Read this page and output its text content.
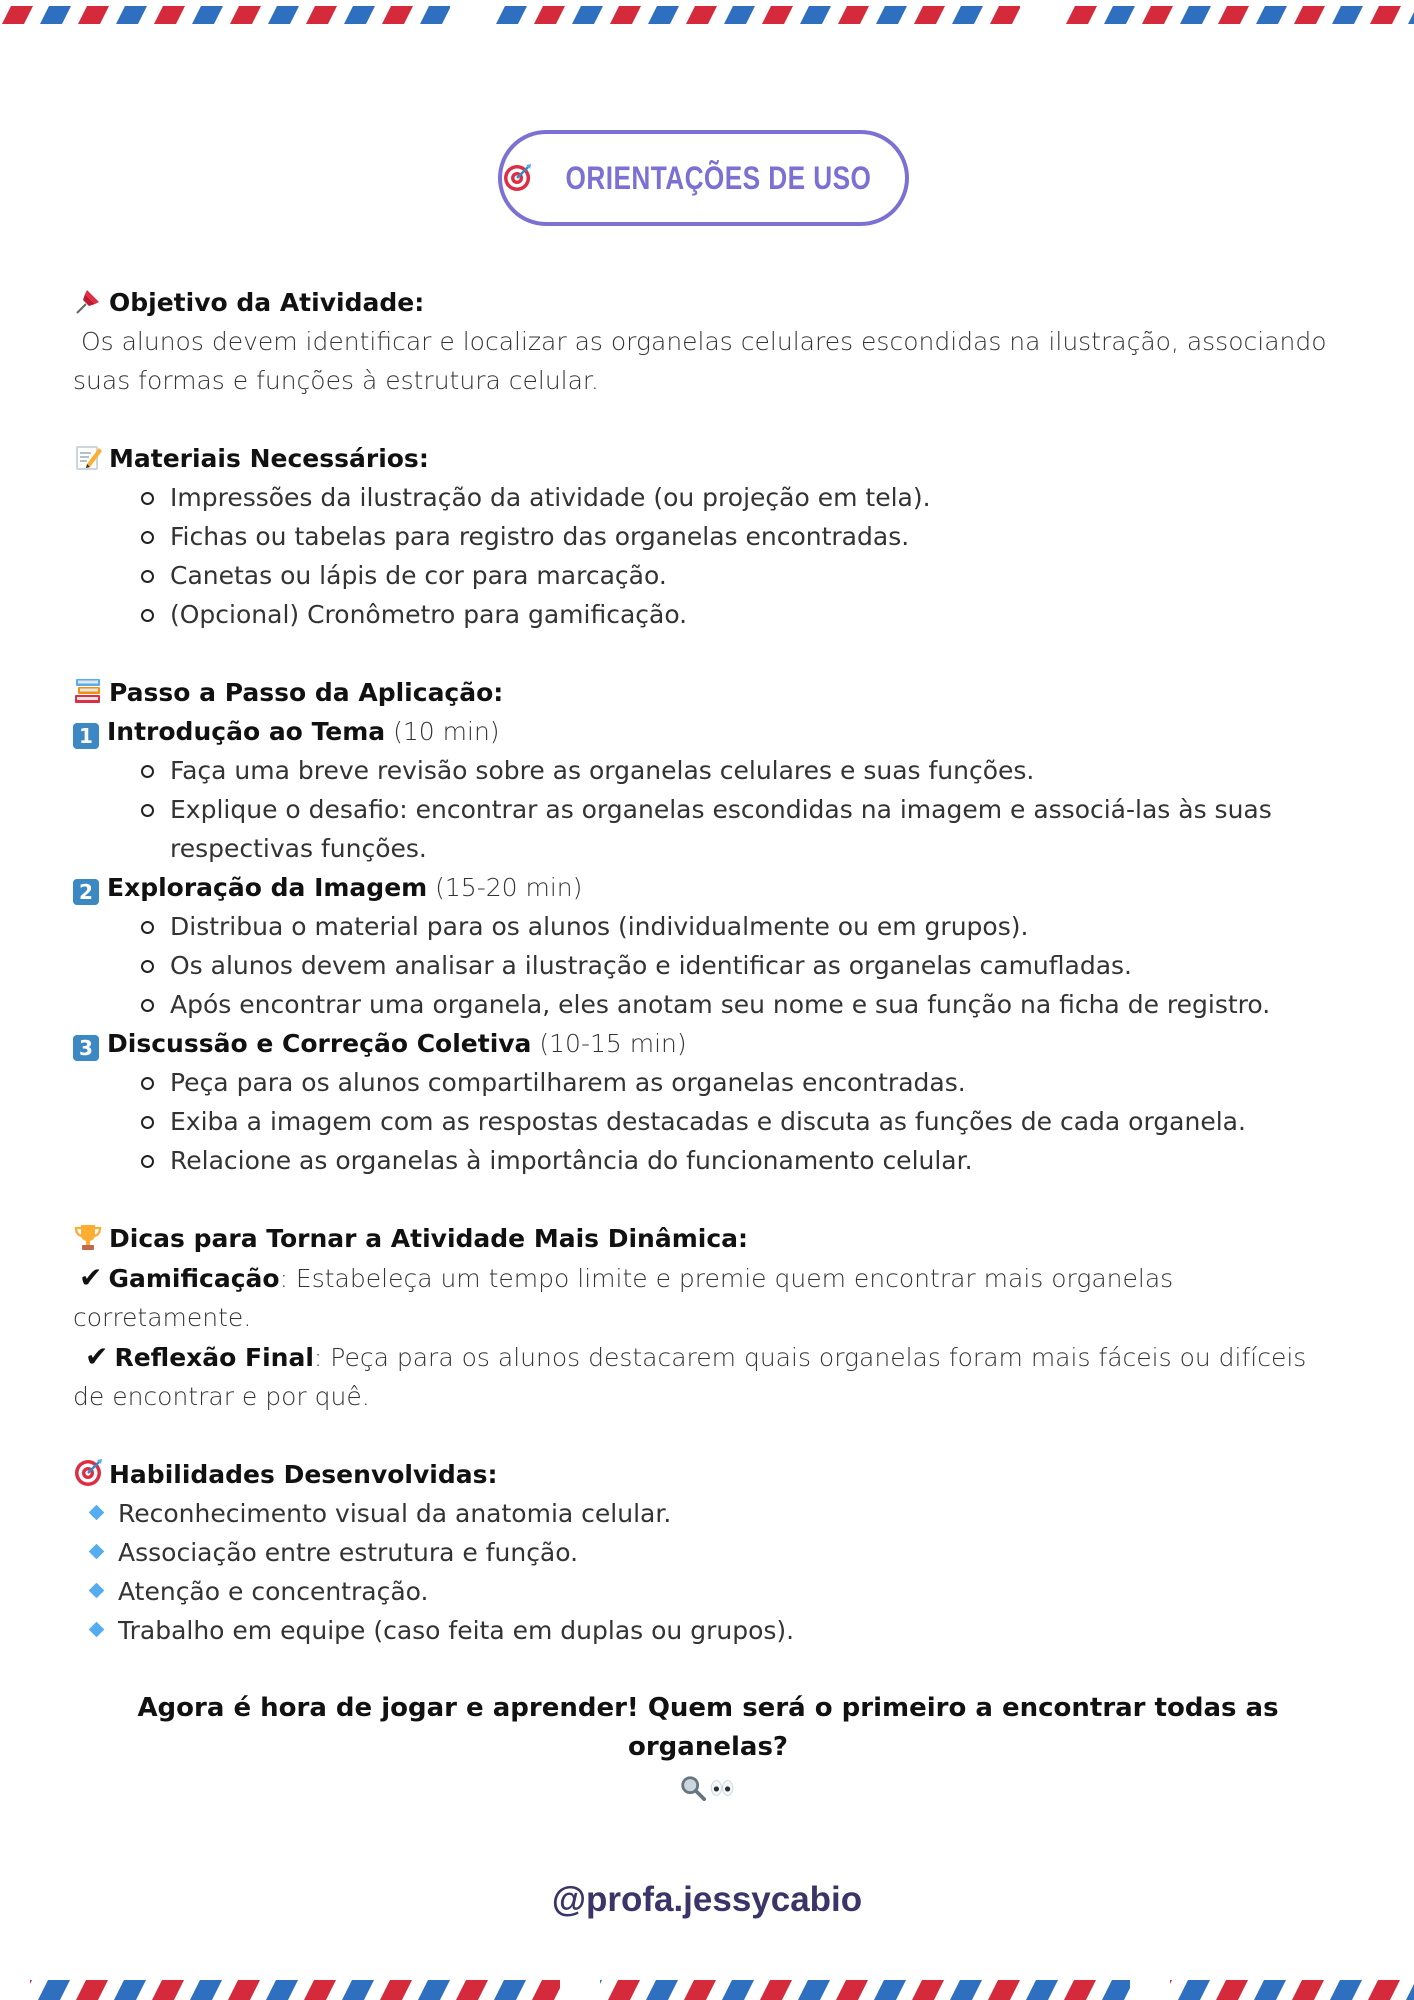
ORIENTAÇÕES DE USO
Objetivo da Atividade:
Os alunos devem identificar e localizar as organelas celulares escondidas na ilustração, associando suas formas e funções à estrutura celular.
Materiais Necessários:
Impressões da ilustração da atividade (ou projeção em tela).
Fichas ou tabelas para registro das organelas encontradas.
Canetas ou lápis de cor para marcação.
(Opcional) Cronômetro para gamificação.
Passo a Passo da Aplicação:
1 Introdução ao Tema (10 min)
Faça uma breve revisão sobre as organelas celulares e suas funções.
Explique o desafio: encontrar as organelas escondidas na imagem e associá-las às suas respectivas funções.
2 Exploração da Imagem (15-20 min)
Distribua o material para os alunos (individualmente ou em grupos).
Os alunos devem analisar a ilustração e identificar as organelas camufladas.
Após encontrar uma organela, eles anotam seu nome e sua função na ficha de registro.
3 Discussão e Correção Coletiva (10-15 min)
Peça para os alunos compartilharem as organelas encontradas.
Exiba a imagem com as respostas destacadas e discuta as funções de cada organela.
Relacione as organelas à importância do funcionamento celular.
Dicas para Tornar a Atividade Mais Dinâmica:
✔ Gamificação: Estabeleça um tempo limite e premie quem encontrar mais organelas corretamente.
✔ Reflexão Final: Peça para os alunos destacarem quais organelas foram mais fáceis ou difíceis de encontrar e por quê.
Habilidades Desenvolvidas:
Reconhecimento visual da anatomia celular.
Associação entre estrutura e função.
Atenção e concentração.
Trabalho em equipe (caso feita em duplas ou grupos).
Agora é hora de jogar e aprender! Quem será o primeiro a encontrar todas as organelas?
@profa.jessycabio
